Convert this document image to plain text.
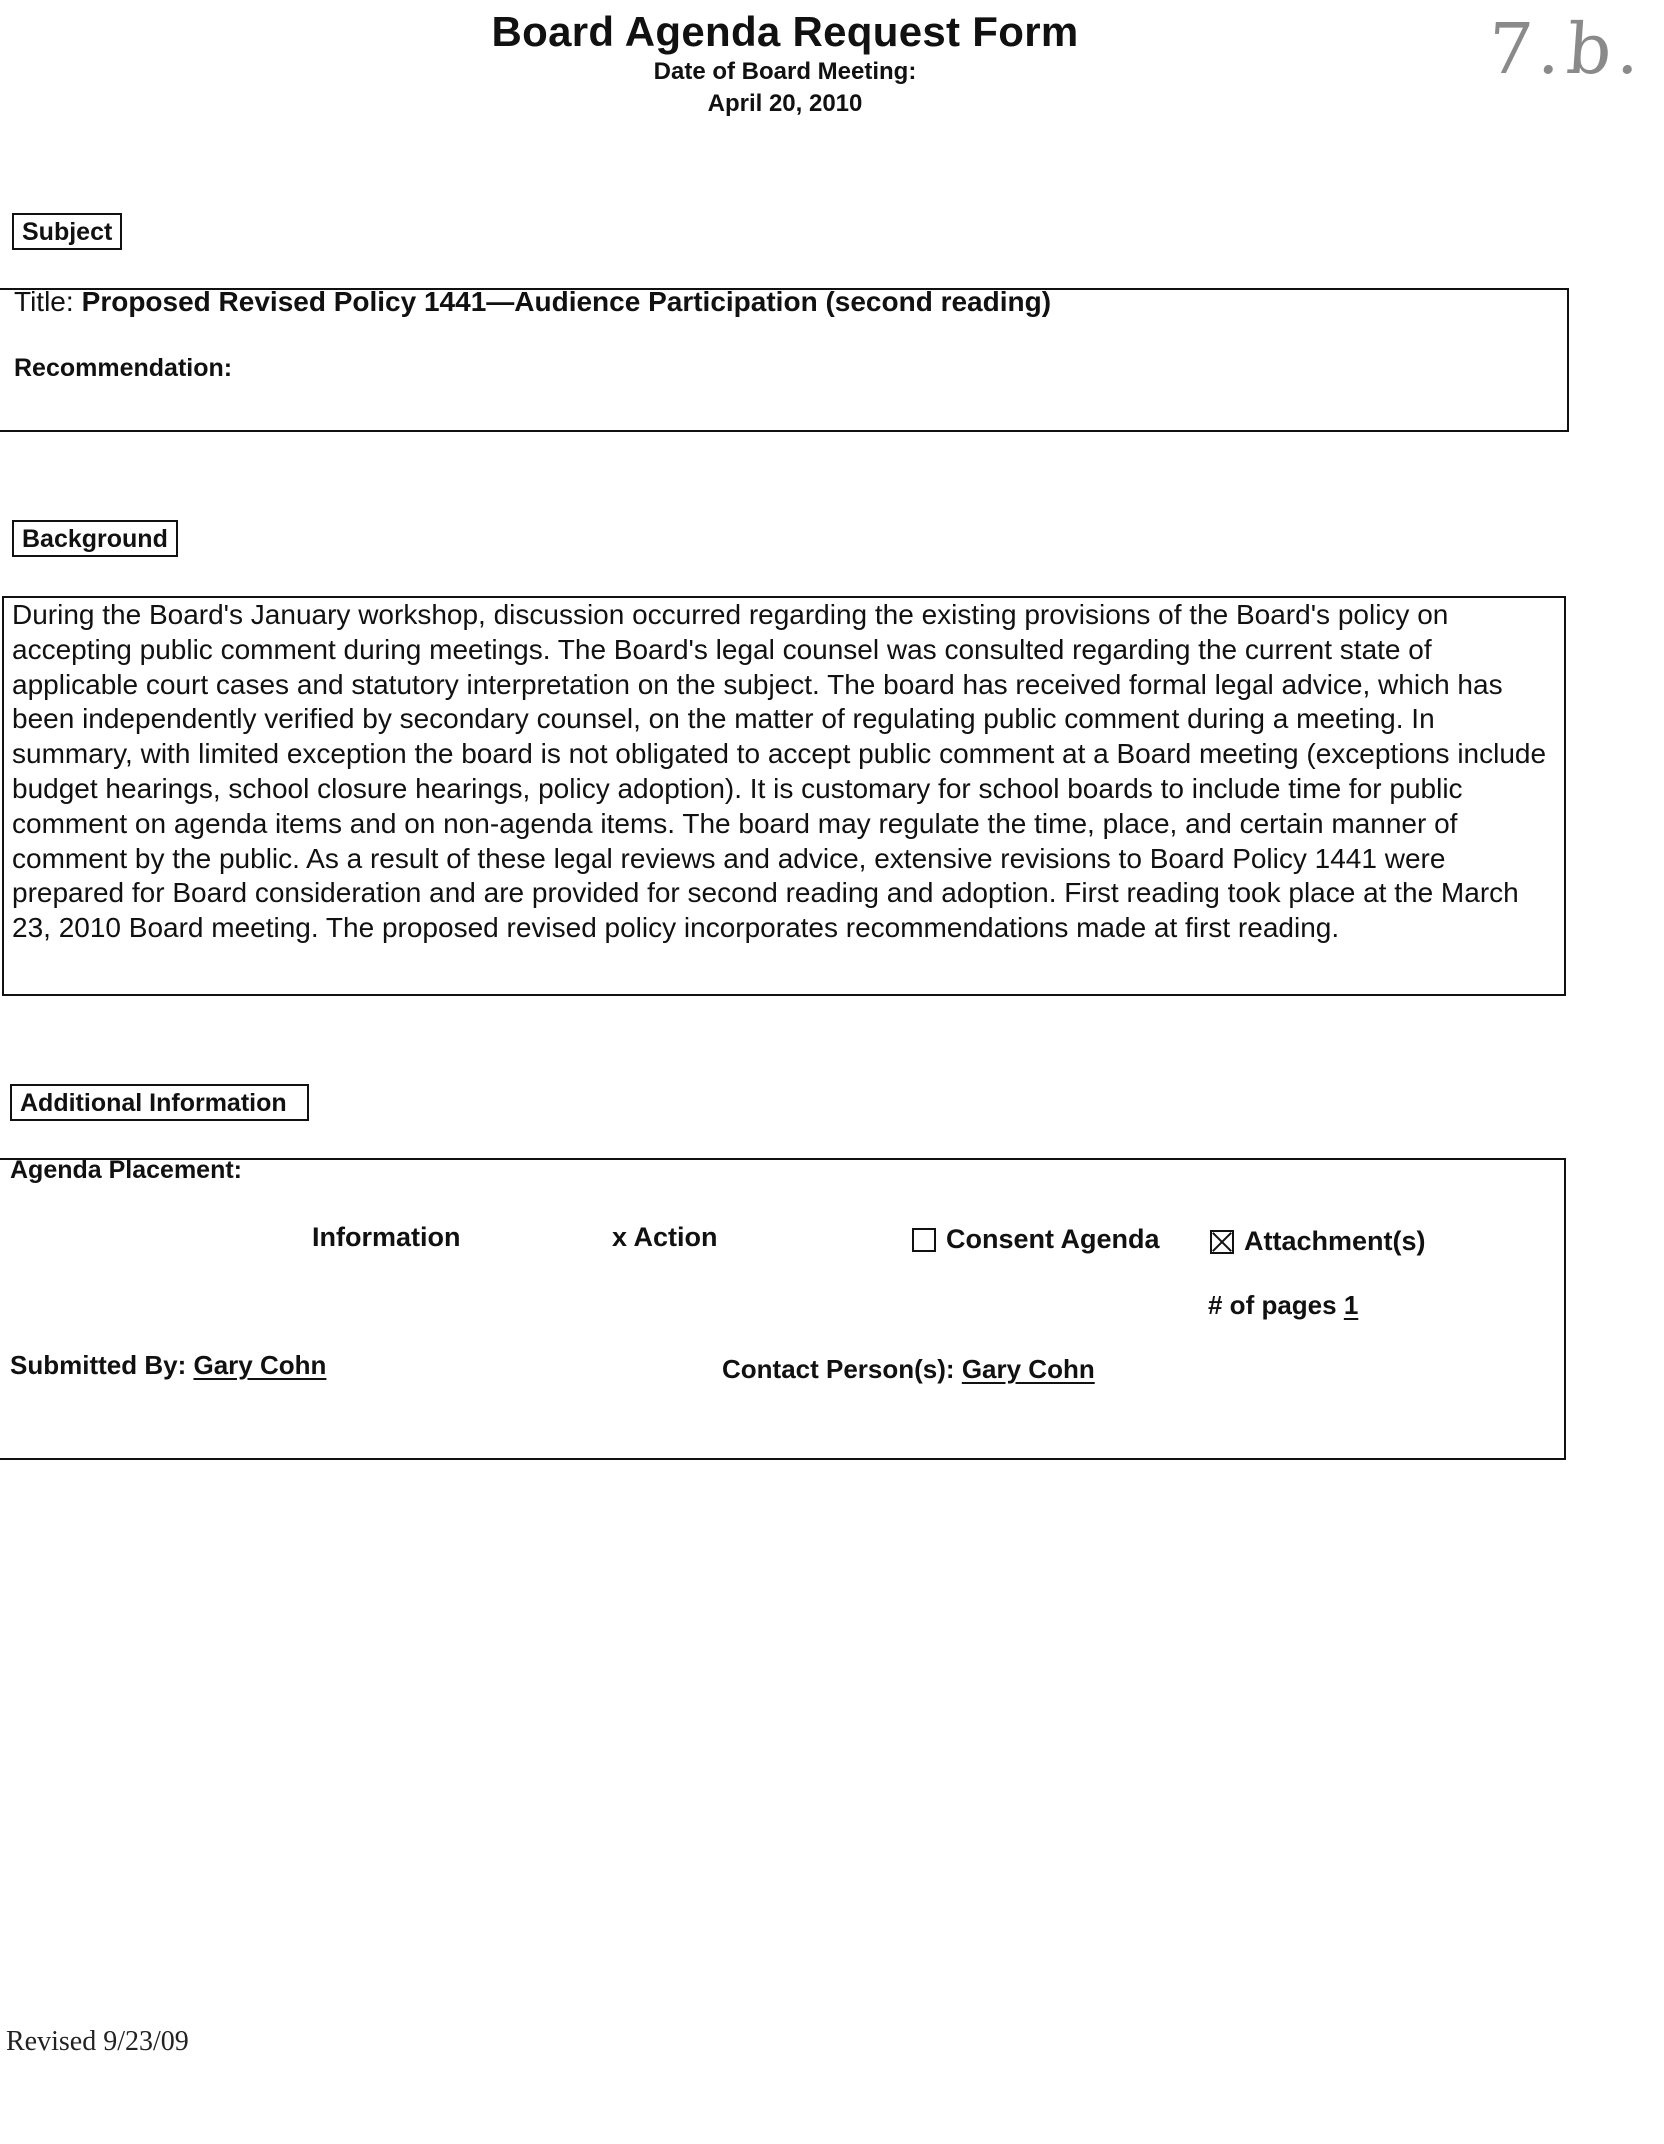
Board Agenda Request Form
Date of Board Meeting:
April 20, 2010
7.b.
Subject
Title: Proposed Revised Policy 1441—Audience Participation (second reading)
Recommendation:
Background
During the Board's January workshop, discussion occurred regarding the existing provisions of the Board's policy on accepting public comment during meetings. The Board's legal counsel was consulted regarding the current state of applicable court cases and statutory interpretation on the subject. The board has received formal legal advice, which has been independently verified by secondary counsel, on the matter of regulating public comment during a meeting. In summary, with limited exception the board is not obligated to accept public comment at a Board meeting (exceptions include budget hearings, school closure hearings, policy adoption). It is customary for school boards to include time for public comment on agenda items and on non-agenda items. The board may regulate the time, place, and certain manner of comment by the public. As a result of these legal reviews and advice, extensive revisions to Board Policy 1441 were prepared for Board consideration and are provided for second reading and adoption. First reading took place at the March 23, 2010 Board meeting. The proposed revised policy incorporates recommendations made at first reading.
Additional Information
Agenda Placement:
Information	x Action	Consent Agenda	Attachment(s)
# of pages 1
Submitted By: Gary Cohn	Contact Person(s): Gary Cohn
Revised 9/23/09
